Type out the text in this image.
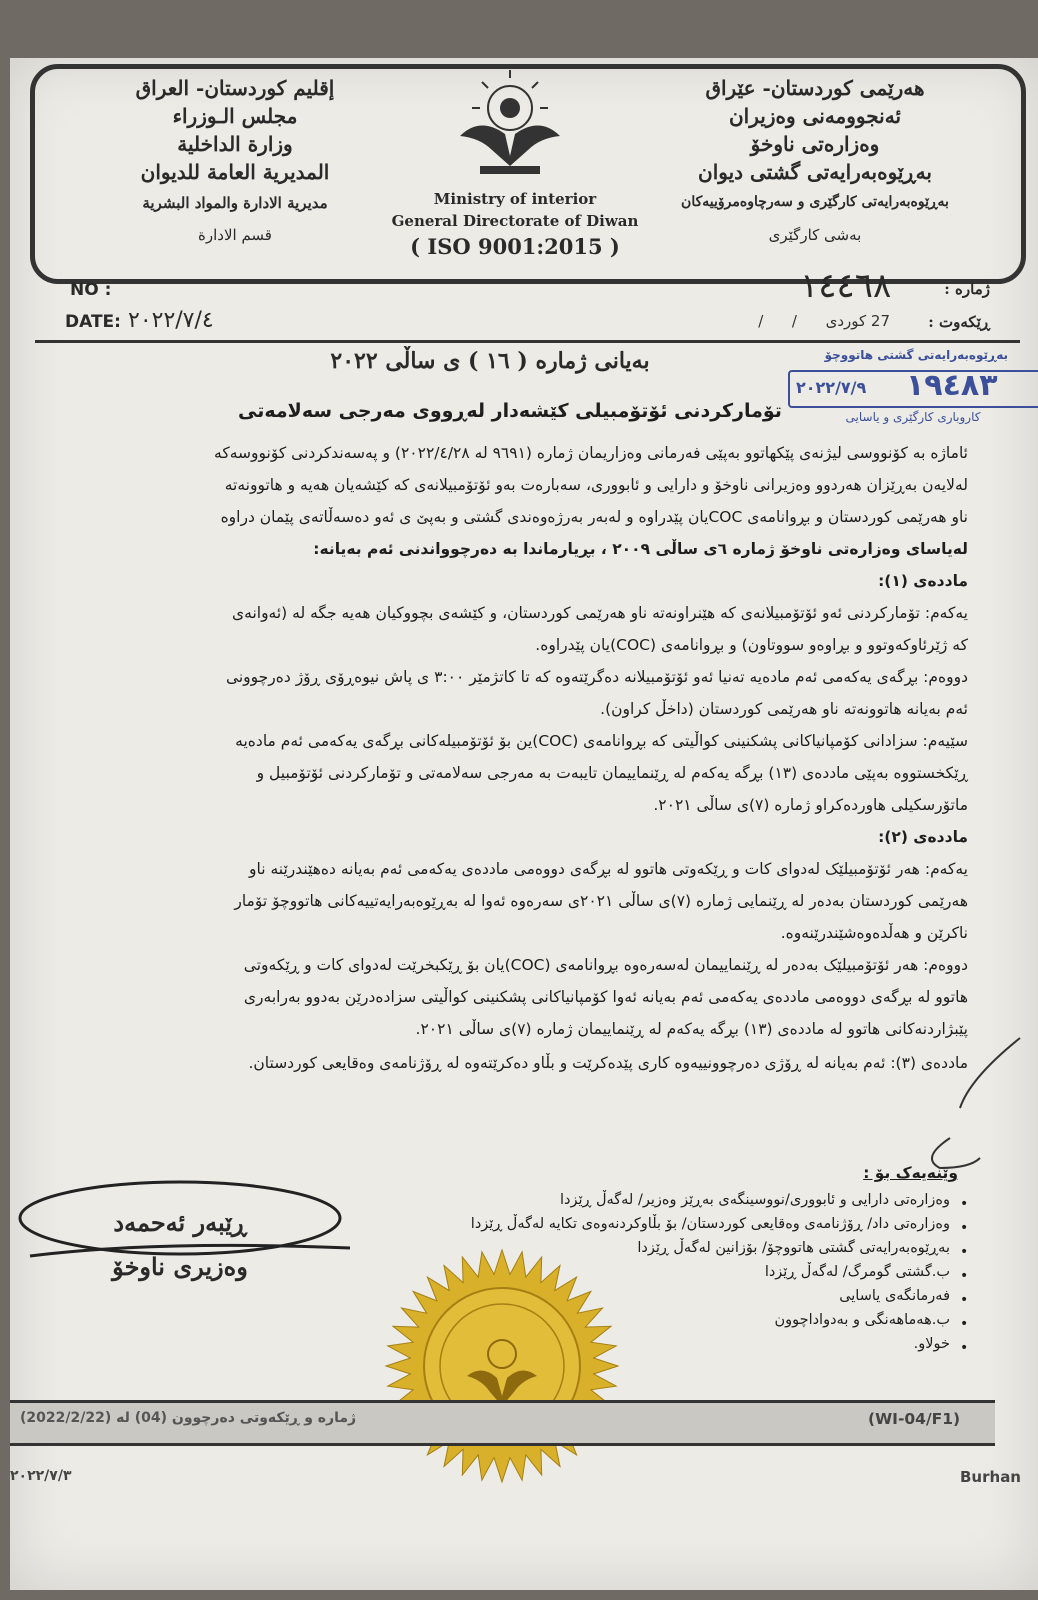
إقليم كوردستان- العراق
مجلس الـوزراء
وزارة الداخلية
المديرية العامة للديوان
مديرية الادارة والمواد البشرية
قسم الادارة
Ministry of interior
General Directorate of Diwan
( ISO 9001:2015 )
هەرێمی کوردستان- عێراق
ئەنجوومەنی وەزیران
وەزارەتی ناوخۆ
بەڕێوەبەرایەتی گشتی دیوان
بەڕێوەبەرایەتی کارگێری و سەرچاوەمرۆییەکان
بەشی کارگێری
NO :
DATE: ٢٠٢٢/٧/٤
ژمارە :
١٤٤٦٨
ڕێکەوت :
27 کوردی      /      /
بەیانی ژمارە ( ١٦ ) ی ساڵی ٢٠٢٢	بەڕێوەبەرایەتی گشتی هاتووچۆ
١٩٤٨٣
٢٠٢٢/٧/٩
کاروباری کارگێری و یاسایی
تۆمارکردنی ئۆتۆمبیلی کێشەدار لەڕووی مەرجی سەلامەتی
ئاماژە بە کۆنووسی لیژنەی پێکهاتوو بەپێی فەرمانی وەزاریمان ژمارە (٩٦٩١ لە ٢٠٢٢/٤/٢٨) و پەسەندکردنی کۆنووسەکە
لەلایەن بەڕێزان هەردوو وەزیرانی ناوخۆ و دارایی و ئابووری، سەبارەت بەو ئۆتۆمبیلانەی کە کێشەیان هەیە و هاتوونەتە
ناو هەرێمی کوردستان و بڕوانامەی COCیان پێدراوە و لەبەر بەرژەوەندی گشتی و بەپێ ی ئەو دەسەڵاتەی پێمان دراوە
لەیاسای وەزارەتی ناوخۆ ژمارە ٦ی ساڵی ٢٠٠٩ ، بڕیارماندا بە دەرچوواندنی ئەم بەیانە:
ماددەی (١):
یەکەم: تۆمارکردنی ئەو ئۆتۆمبیلانەی کە هێنراونەتە ناو هەرێمی کوردستان، و کێشەی بچووکیان هەیە جگە لە (ئەوانەی
کە ژێرئاوکەوتوو و بڕاوەو سووتاون) و بڕوانامەی (COC)یان پێدراوە.
دووەم: بڕگەی یەکەمی ئەم مادەیە تەنیا ئەو ئۆتۆمبیلانە دەگرێتەوە کە تا کاتژمێر ٣:٠٠ ی پاش نیوەڕۆی ڕۆژ دەرچوونی
ئەم بەیانە هاتوونەتە ناو هەرێمی کوردستان (داخڵ کراون).
سێیەم: سزادانی کۆمپانیاکانی پشکنینی کواڵیتی کە بڕوانامەی (COC)ین بۆ ئۆتۆمبیلەکانی بڕگەی یەکەمی ئەم مادەیە
ڕێکخستووە بەپێی ماددەی (١٣) بڕگە یەکەم لە ڕێنماییمان تایبەت بە مەرجی سەلامەتی و تۆمارکردنی ئۆتۆمبیل و
ماتۆرسکیلی هاوردەکراو ژمارە (٧)ی ساڵی ٢٠٢١.
ماددەی (٢):
یەکەم: هەر ئۆتۆمبیلێک لەدوای کات و ڕێکەوتی هاتوو لە بڕگەی دووەمی ماددەی یەکەمی ئەم بەیانە دەهێندرێنە ناو
هەرێمی کوردستان بەدەر لە ڕێنمایی ژمارە (٧)ی ساڵی ٢٠٢١ی سەرەوە ئەوا لە بەڕێوەبەرایەتییەکانی هاتووچۆ تۆمار
ناکرێن و هەڵدەوەشێندرێنەوە.
دووەم: هەر ئۆتۆمبیلێک بەدەر لە ڕێنماییمان لەسەرەوە بڕوانامەی (COC)یان بۆ ڕێکبخرێت لەدوای کات و ڕێکەوتی
هاتوو لە بڕگەی دووەمی ماددەی یەکەمی ئەم بەیانە ئەوا کۆمپانیاکانی پشکنینی کواڵیتی سزادەدرێن بەدوو بەرابەری
پێبژاردنەکانی هاتوو لە ماددەی (١٣) بڕگە یەکەم لە ڕێنماییمان ژمارە (٧)ی ساڵی ٢٠٢١.
ماددەی (٣): ئەم بەیانە لە ڕۆژی دەرچوونییەوە کاری پێدەکرێت و بڵاو دەکرێتەوە لە ڕۆژنامەی وەقایعی کوردستان.
ڕێبەر ئەحمەد
وەزیری ناوخۆ
وێنەیەک بۆ :
وەزارەتی دارایی و ئابووری/نووسینگەی بەڕێز وەزیر/ لەگەڵ ڕێزدا
وەزارەتی داد/ ڕۆژنامەی وەقایعی کوردستان/ بۆ بڵاوکردنەوەی تکایە لەگەڵ ڕێزدا
بەڕێوەبەرایەتی گشتی هاتووچۆ/ بۆزانین لەگەڵ ڕێزدا
ب.گشتی گومرگ/ لەگەڵ ڕێزدا
فەرمانگەی یاسایی
ب.هەماهەنگی و بەدواداچوون
خولاو.
•
•
•
•
•
•
•
ژمارە و ڕێکەوتی دەرچوون (04) لە (2022/2/22)	(WI-04/F1)
٢٠٢٢/٧/٣	Burhan
